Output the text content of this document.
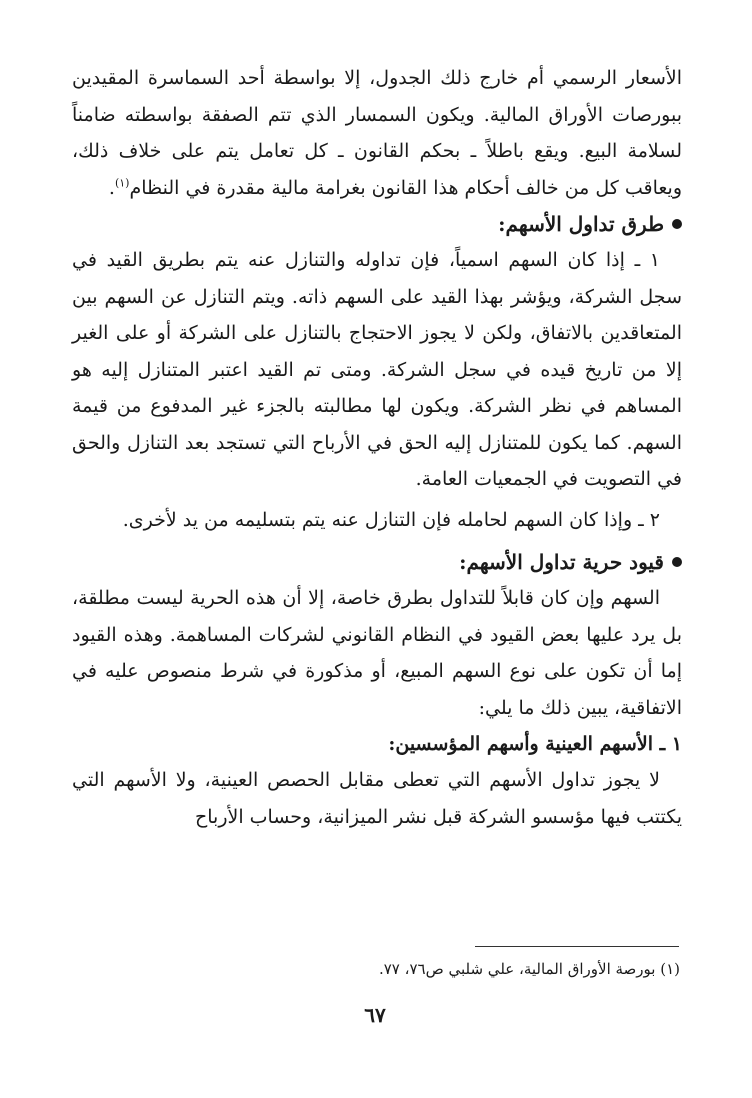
الأسعار الرسمي أم خارج ذلك الجدول، إلا بواسطة أحد السماسرة المقيدين ببورصات الأوراق المالية. ويكون السمسار الذي تتم الصفقة بواسطته ضامناً لسلامة البيع. ويقع باطلاً ـ بحكم القانون ـ كل تعامل يتم على خلاف ذلك، ويعاقب كل من خالف أحكام هذا القانون بغرامة مالية مقدرة في النظام$^{(١)}$.

طرق تداول الأسهم:

١ ـ إذا كان السهم اسمياً، فإن تداوله والتنازل عنه يتم بطريق القيد في سجل الشركة، ويؤشر بهذا القيد على السهم ذاته. ويتم التنازل عن السهم بين المتعاقدين بالاتفاق، ولكن لا يجوز الاحتجاج بالتنازل على الشركة أو على الغير إلا من تاريخ قيده في سجل الشركة. ومتى تم القيد اعتبر المتنازل إليه هو المساهم في نظر الشركة. ويكون لها مطالبته بالجزء غير المدفوع من قيمة السهم. كما يكون للمتنازل إليه الحق في الأرباح التي تستجد بعد التنازل والحق في التصويت في الجمعيات العامة.

٢ ـ وإذا كان السهم لحامله فإن التنازل عنه يتم بتسليمه من يد لأخرى.

قيود حرية تداول الأسهم:

السهم وإن كان قابلاً للتداول بطرق خاصة، إلا أن هذه الحرية ليست مطلقة، بل يرد عليها بعض القيود في النظام القانوني لشركات المساهمة. وهذه القيود إما أن تكون على نوع السهم المبيع، أو مذكورة في شرط منصوص عليه في الاتفاقية، يبين ذلك ما يلي:

١ ـ الأسهم العينية وأسهم المؤسسين:

لا يجوز تداول الأسهم التي تعطى مقابل الحصص العينية، ولا الأسهم التي يكتتب فيها مؤسسو الشركة قبل نشر الميزانية، وحساب الأرباح

(١) بورصة الأوراق المالية، علي شلبي ص٧٦، ٧٧.
٦٧
